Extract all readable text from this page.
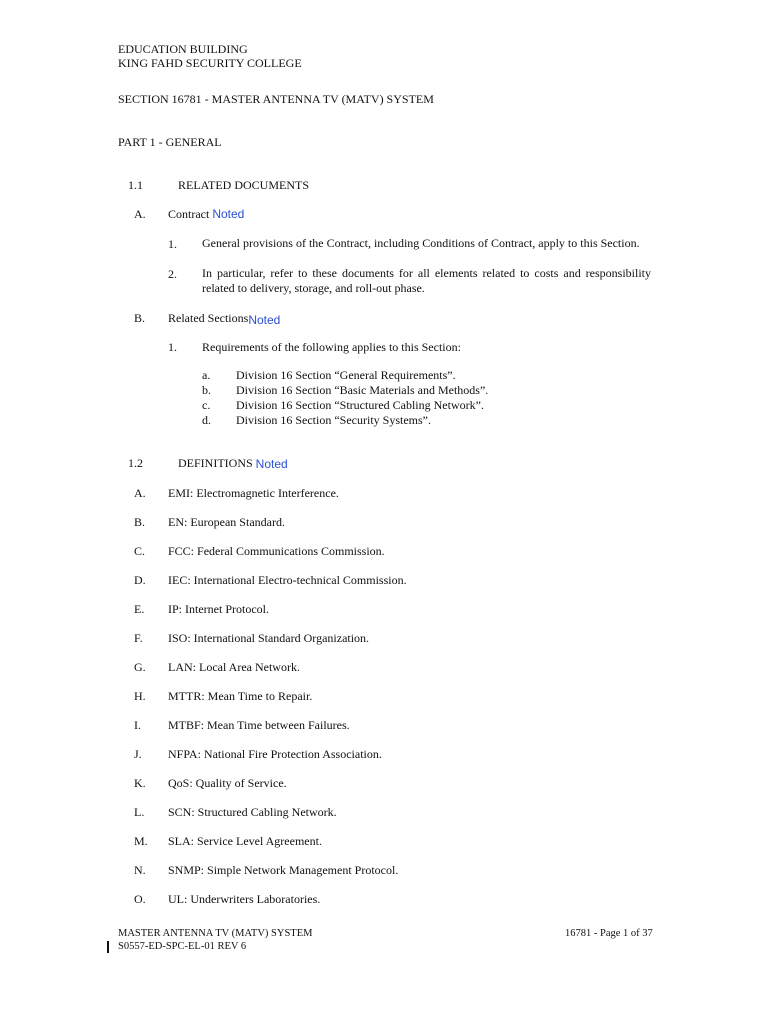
EDUCATION BUILDING
KING FAHD SECURITY COLLEGE
SECTION 16781 - MASTER ANTENNA TV (MATV) SYSTEM
PART 1 - GENERAL
1.1	RELATED DOCUMENTS
A. Contract Noted
1. General provisions of the Contract, including Conditions of Contract, apply to this Section.
2. In particular, refer to these documents for all elements related to costs and responsibility related to delivery, storage, and roll-out phase.
B. Related SectionsNoted
1. Requirements of the following applies to this Section:
a. Division 16 Section “General Requirements”.
b. Division 16 Section “Basic Materials and Methods”.
c. Division 16 Section “Structured Cabling Network”.
d. Division 16 Section “Security Systems”.
1.2	DEFINITIONS Noted
A. EMI: Electromagnetic Interference.
B. EN: European Standard.
C. FCC: Federal Communications Commission.
D. IEC: International Electro-technical Commission.
E. IP: Internet Protocol.
F. ISO: International Standard Organization.
G. LAN: Local Area Network.
H. MTTR: Mean Time to Repair.
I. MTBF: Mean Time between Failures.
J. NFPA: National Fire Protection Association.
K. QoS: Quality of Service.
L. SCN: Structured Cabling Network.
M. SLA: Service Level Agreement.
N. SNMP: Simple Network Management Protocol.
O. UL: Underwriters Laboratories.
MASTER ANTENNA TV (MATV) SYSTEM	16781 - Page 1 of 37
S0557-ED-SPC-EL-01 REV 6
